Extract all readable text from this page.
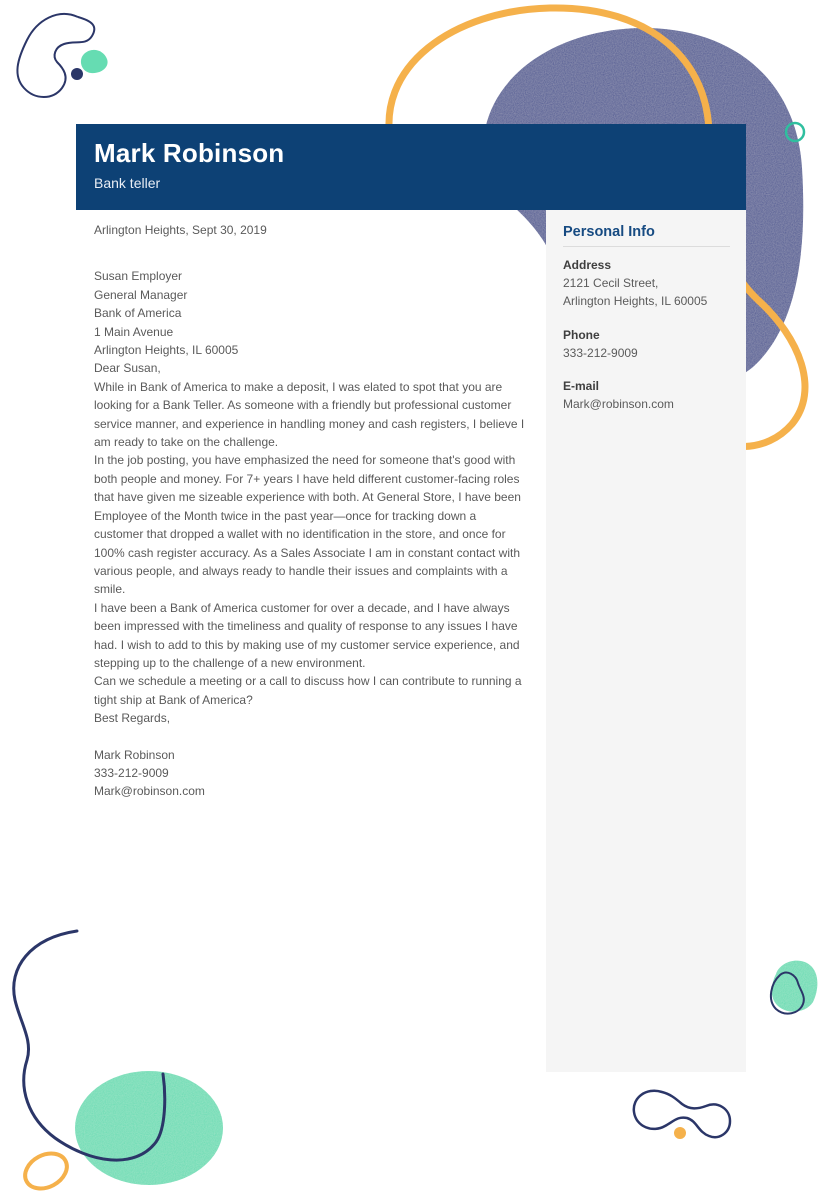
Mark Robinson
Bank teller

Arlington Heights, Sept 30, 2019

Susan Employer

General Manager

Bank of America

1 Main Avenue

Arlington Heights, IL 60005

Dear Susan,

While in Bank of America to make a deposit, I was elated to spot that you are looking for a Bank Teller. As someone with a friendly but professional customer service manner, and experience in handling money and cash registers, I believe I am ready to take on the challenge.

In the job posting, you have emphasized the need for someone that's good with both people and money. For 7+ years I have held different customer-facing roles that have given me sizeable experience with both. At General Store, I have been Employee of the Month twice in the past year—once for tracking down a customer that dropped a wallet with no identification in the store, and once for 100% cash register accuracy. As a Sales Associate I am in constant contact with various people, and always ready to handle their issues and complaints with a smile.

I have been a Bank of America customer for over a decade, and I have always been impressed with the timeliness and quality of response to any issues I have had. I wish to add to this by making use of my customer service experience, and stepping up to the challenge of a new environment.

Can we schedule a meeting or a call to discuss how I can contribute to running a tight ship at Bank of America?

Best Regards,

Mark Robinson

333-212-9009

Mark@robinson.com

Personal Info
Address

2121 Cecil Street,

Arlington Heights, IL 60005

Phone

333-212-9009

E-mail

Mark@robinson.com
